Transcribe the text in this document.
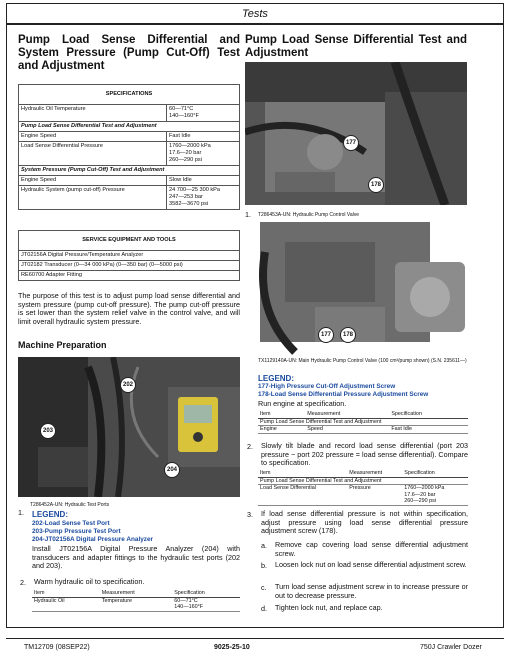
Tests
Pump Load Sense Differential and System Pressure (Pump Cut-Off) Test and Adjustment
Pump Load Sense Differential Test and Adjustment
SPECIFICATIONS	
Hydraulic Oil Temperature	60—71°C
140—160°F

Pump Load Sense Differential Test and Adjustment	
Engine Speed	Fast Idle
Load Sense Differential Pressure	1760—2000 kPa
17.6—20 bar
260—290 psi

System Pressure (Pump Cut-Off) Test and Adjustment	
Engine Speed	Slow Idle
Hydraulic System (pump cut-off) Pressure	24 700—25 300 kPa
247—253 bar
3582—3670 psi
SERVICE EQUIPMENT AND TOOLS
JT02156A Digital Pressure/Temperature Analyzer
JT02182 Transducer (0—34 000 kPa) (0—350 bar) (0—5000 psi)
RE60700 Adapter Fitting
The purpose of this test is to adjust pump load sense differential and system pressure (pump cut-off pressure). The pump cut-off pressure is set lower than the system relief valve in the control valve, and will limit overall hydraulic system pressure.
Machine Preparation
202
203
204
T286452A-UN: Hydraulic Test Ports
1. LEGEND:
202-Load Sense Test Port
203-Pump Pressure Test Port
204-JT02156A Digital Pressure Analyzer
Install JT02156A Digital Pressure Analyzer (204) with transducers and adapter fittings to the hydraulic test ports (202 and 203).
2. Warm hydraulic oil to specification.
Item	Measurement	Specification
Hydraulic Oil	Temperature	60—71°C
140—160°F
177
178
1. T286453A-UN: Hydraulic Pump Control Valve
177	178
TX1129140A-UN: Main Hydraulic Pump Control Valve (100 cm³/pump shown) (S.N. 235611—)
LEGEND:
177-High Pressure Cut-Off Adjustment Screw
178-Load Sense Differential Pressure Adjustment Screw
Run engine at specification.
Item	Measurement	Specification
Pump Load Sense Differential Test and Adjustment		
Engine	Speed	Fast Idle
2. Slowly tilt blade and record load sense differential (port 203 pressure − port 202 pressure = load sense differential). Compare to specification.
Item	Measurement	Specification
Pump Load Sense Differential Test and Adjustment		
Load Sense Differential	Pressure	1760—2000 kPa
17.6—20 bar
260—290 psi
3. If load sense differential pressure is not within specification, adjust pressure using load sense differential pressure adjustment screw (178).
a. Remove cap covering load sense differential adjustment screw.
b. Loosen lock nut on load sense differential adjustment screw.
c. Turn load sense adjustment screw in to increase pressure or out to decrease pressure.
d. Tighten lock nut, and replace cap.
TM12709 (08SEP22)	9025-25-10	750J Crawler Dozer
